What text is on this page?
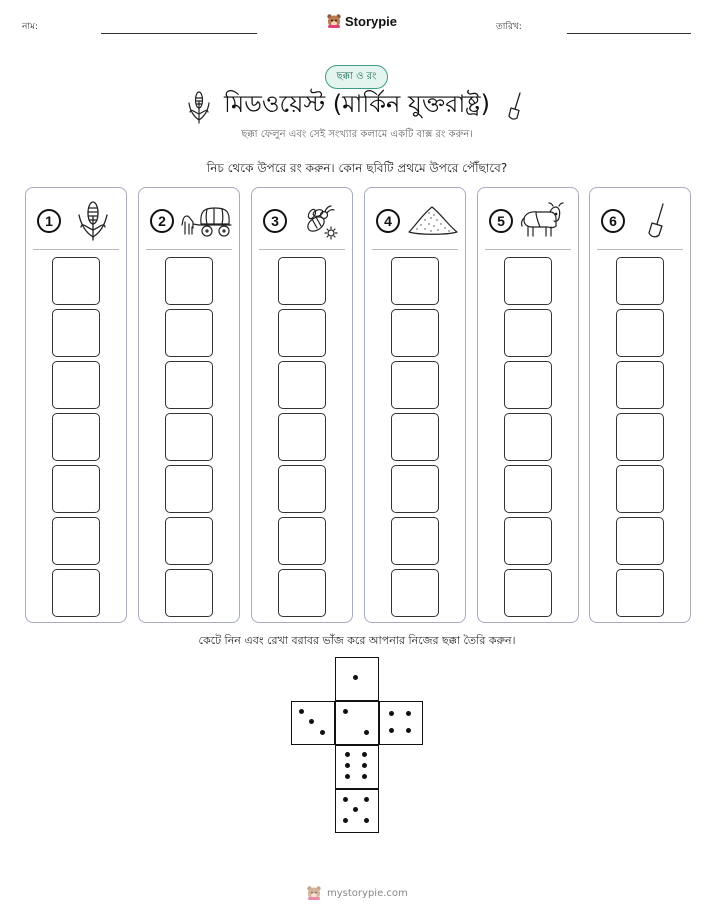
নাম:	Storypie	তারিখ:
ছক্কা ও রং
মিডওয়েস্ট (মার্কিন যুক্তরাষ্ট্র)
ছক্কা ফেলুন এবং সেই সংখ্যার কলামে একটি বাক্স রং করুন।
নিচ থেকে উপরে রং করুন। কোন ছবিটি প্রথমে উপরে পৌঁছাবে?
1	2	3	4	5	6
কেটে নিন এবং রেখা বরাবর ভাঁজ করে আপনার নিজের ছক্কা তৈরি করুন।
mystorypie.com
